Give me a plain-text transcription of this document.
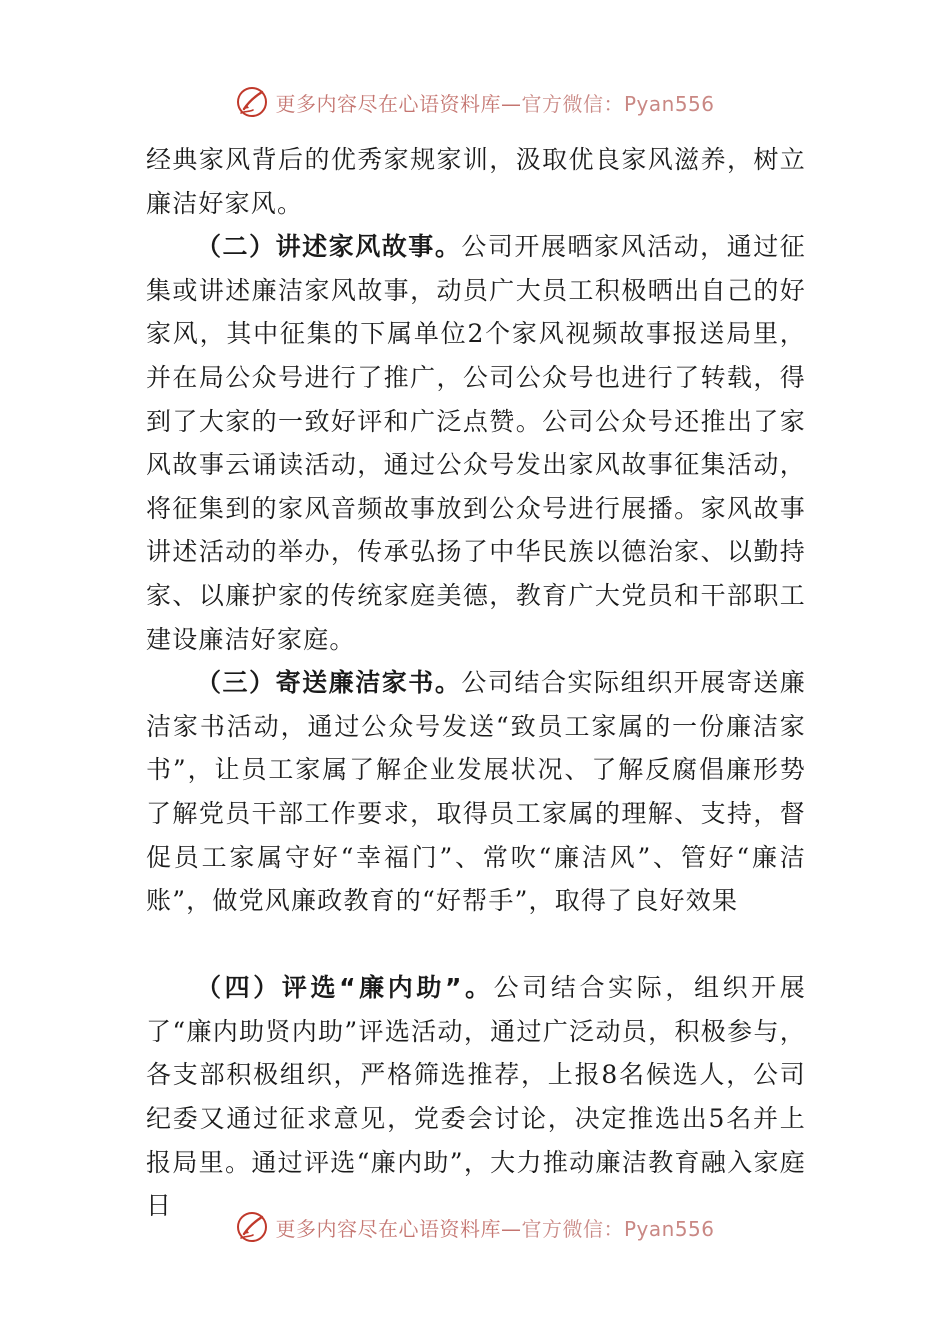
更多内容尽在心语资料库—官方微信：Pyan556

经典家风背后的优秀家规家训，汲取优良家风滋养，树立廉洁好家风。

（二）讲述家风故事。公司开展晒家风活动，通过征集或讲述廉洁家风故事，动员广大员工积极晒出自己的好家风，其中征集的下属单位2个家风视频故事报送局里，并在局公众号进行了推广，公司公众号也进行了转载，得到了大家的一致好评和广泛点赞。公司公众号还推出了家风故事云诵读活动，通过公众号发出家风故事征集活动，将征集到的家风音频故事放到公众号进行展播。家风故事讲述活动的举办，传承弘扬了中华民族以德治家、以勤持家、以廉护家的传统家庭美德，教育广大党员和干部职工建设廉洁好家庭。

（三）寄送廉洁家书。公司结合实际组织开展寄送廉洁家书活动，通过公众号发送“致员工家属的一份廉洁家书”，让员工家属了解企业发展状况、了解反腐倡廉形势了解党员干部工作要求，取得员工家属的理解、支持，督促员工家属守好“幸福门”、常吹“廉洁风”、管好“廉洁账”，做党风廉政教育的“好帮手”，取得了良好效果

（四）评选“廉内助”。公司结合实际，组织开展了“廉内助贤内助”评选活动，通过广泛动员，积极参与，各支部积极组织，严格筛选推荐，上报8名候选人，公司纪委又通过征求意见，党委会讨论，决定推选出5名并上报局里。通过评选“廉内助”，大力推动廉洁教育融入家庭日

更多内容尽在心语资料库—官方微信：Pyan556
